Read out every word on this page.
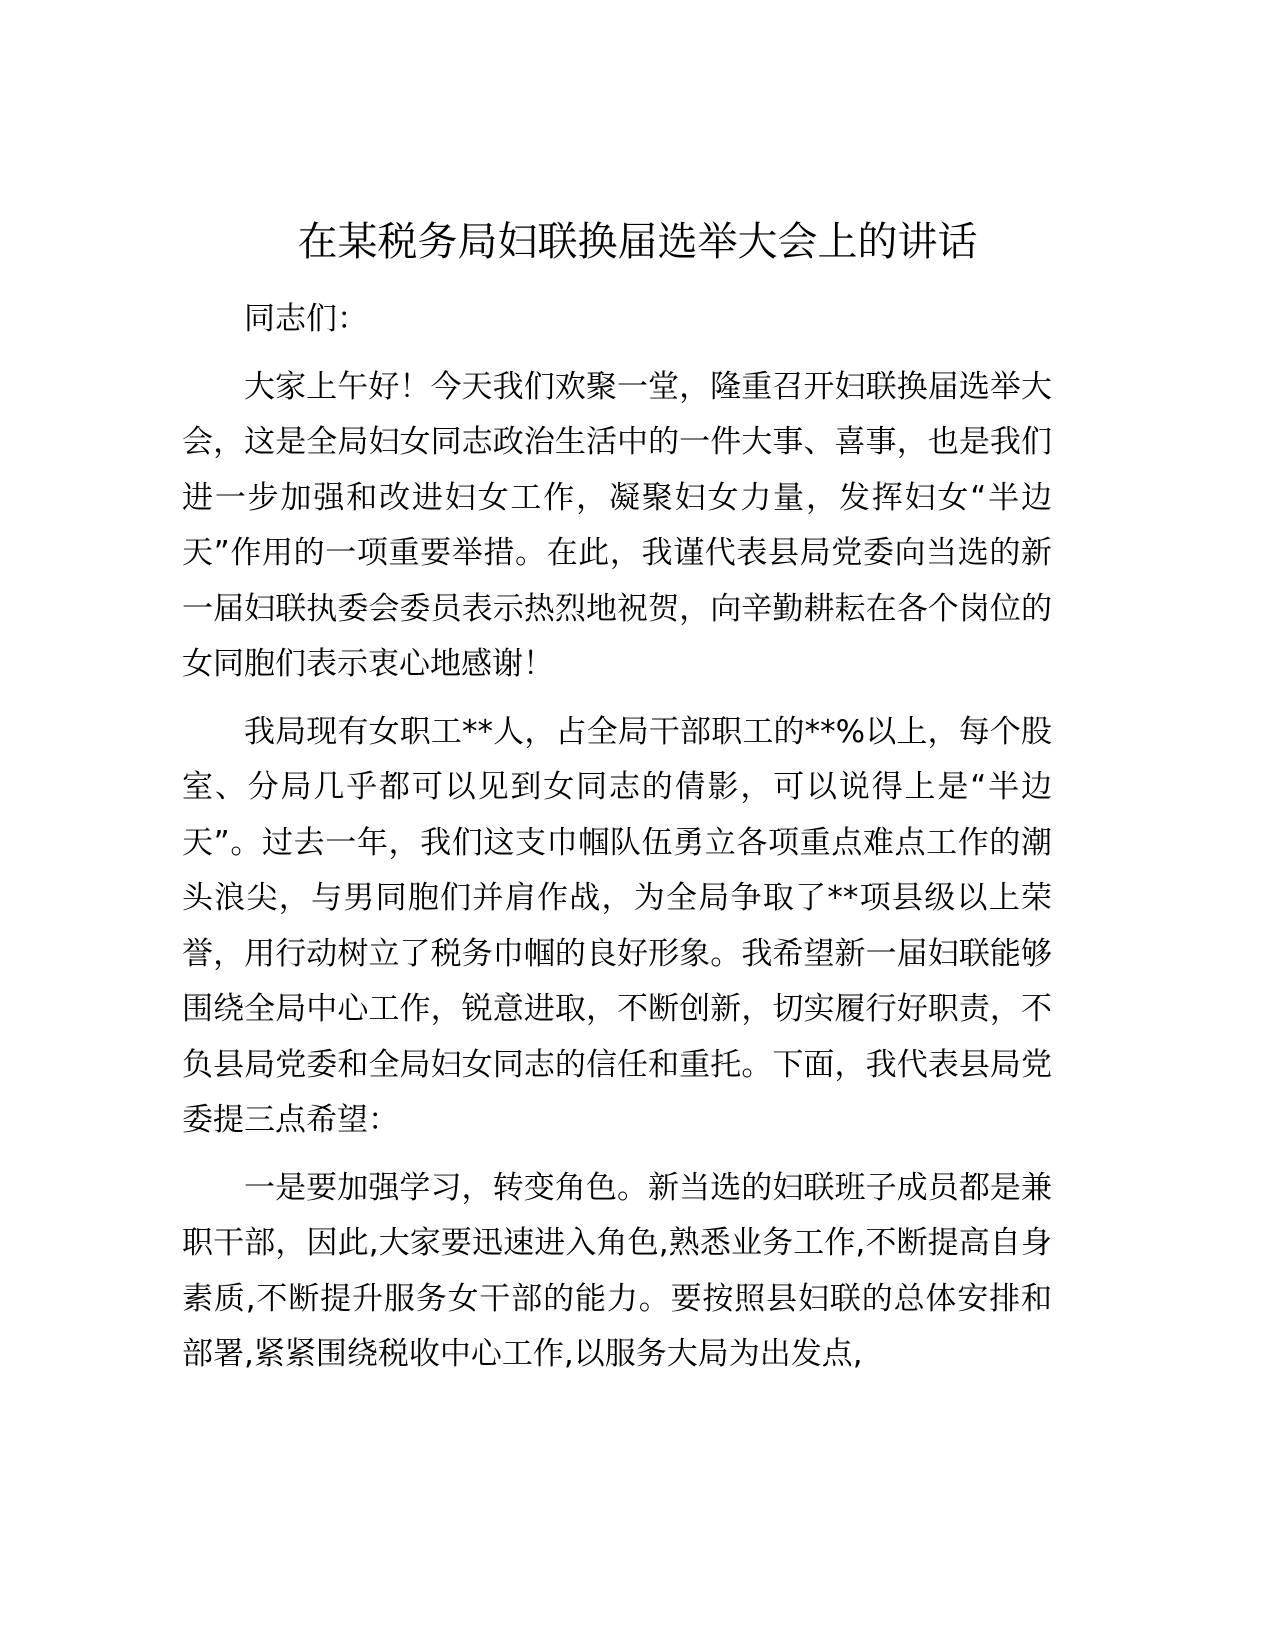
在某税务局妇联换届选举大会上的讲话

同志们：

大家上午好！今天我们欢聚一堂，隆重召开妇联换届选举大会，这是全局妇女同志政治生活中的一件大事、喜事，也是我们进一步加强和改进妇女工作，凝聚妇女力量，发挥妇女“半边天”作用的一项重要举措。在此，我谨代表县局党委向当选的新一届妇联执委会委员表示热烈地祝贺，向辛勤耕耘在各个岗位的女同胞们表示衷心地感谢！

我局现有女职工**人，占全局干部职工的**%以上，每个股室、分局几乎都可以见到女同志的倩影，可以说得上是“半边天”。过去一年，我们这支巾帼队伍勇立各项重点难点工作的潮头浪尖，与男同胞们并肩作战，为全局争取了**项县级以上荣誉，用行动树立了税务巾帼的良好形象。我希望新一届妇联能够围绕全局中心工作，锐意进取，不断创新，切实履行好职责，不负县局党委和全局妇女同志的信任和重托。下面，我代表县局党委提三点希望：

一是要加强学习，转变角色。新当选的妇联班子成员都是兼职干部，因此,大家要迅速进入角色,熟悉业务工作,不断提高自身素质,不断提升服务女干部的能力。要按照县妇联的总体安排和部署,紧紧围绕税收中心工作,以服务大局为出发点,
